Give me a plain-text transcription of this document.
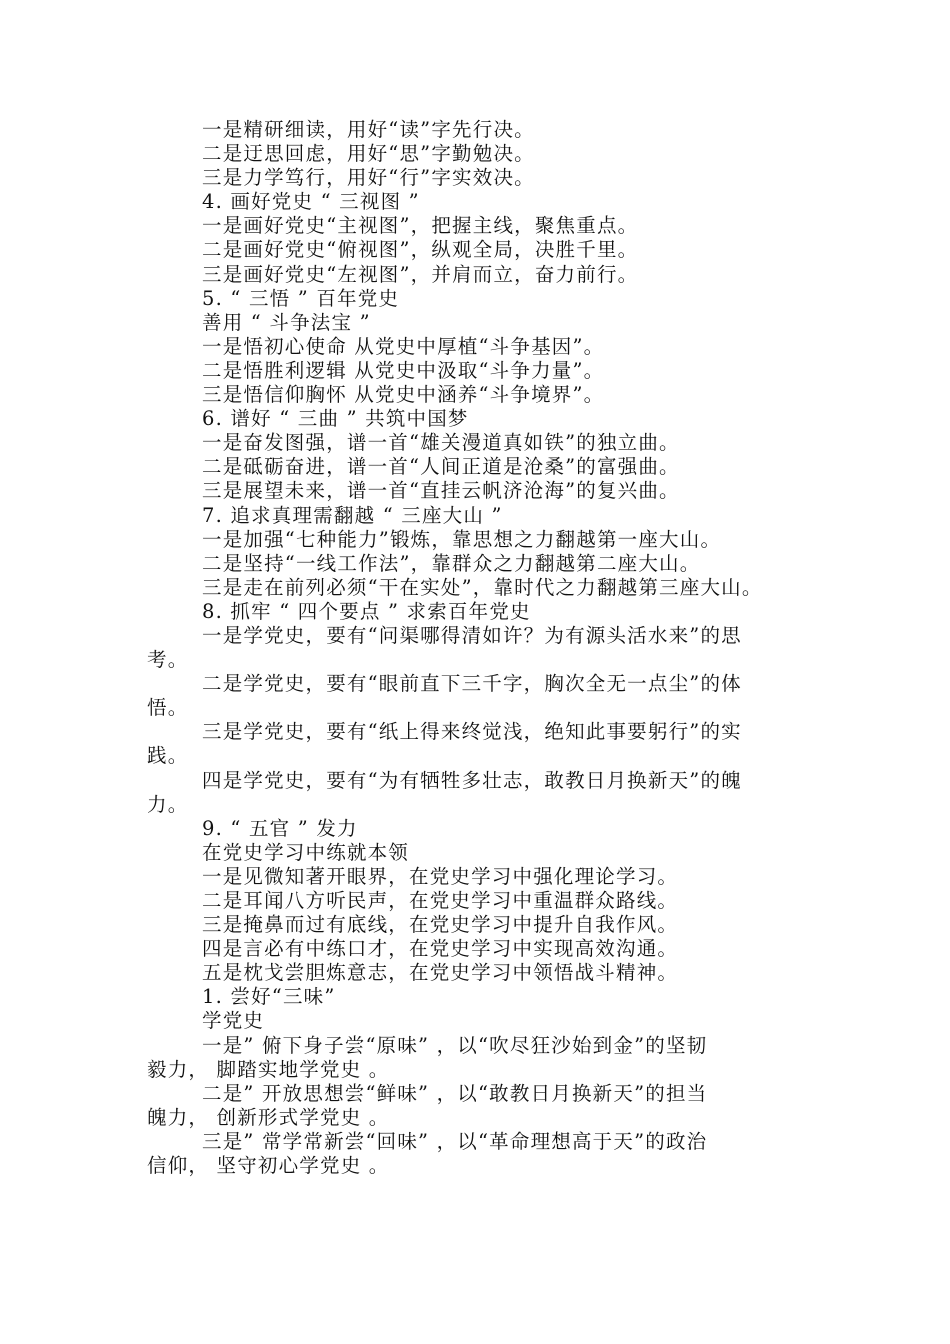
一是精研细读，用好“读”字先行决。
二是迂思回虑，用好“思”字勤勉决。
三是力学笃行，用好“行”字实效决。
4. 画好党史 “ 三视图 ”
一是画好党史“主视图”，把握主线，聚焦重点。
二是画好党史“俯视图”，纵观全局，决胜千里。
三是画好党史“左视图”，并肩而立，奋力前行。
5. “ 三悟 ” 百年党史
善用 “ 斗争法宝 ”
一是悟初心使命 从党史中厚植“斗争基因”。
二是悟胜利逻辑 从党史中汲取“斗争力量”。
三是悟信仰胸怀 从党史中涵养“斗争境界”。
6. 谱好 “ 三曲 ” 共筑中国梦
一是奋发图强，谱一首“雄关漫道真如铁”的独立曲。
二是砥砺奋进，谱一首“人间正道是沧桑”的富强曲。
三是展望未来，谱一首“直挂云帆济沧海”的复兴曲。
7. 追求真理需翻越 “ 三座大山 ”
一是加强“七种能力”锻炼，靠思想之力翻越第一座大山。
二是坚持“一线工作法”，靠群众之力翻越第二座大山。
三是走在前列必须“干在实处”，靠时代之力翻越第三座大山。
8. 抓牢 “ 四个要点 ” 求索百年党史
一是学党史，要有“问渠哪得清如许？为有源头活水来”的思
考。
二是学党史，要有“眼前直下三千字，胸次全无一点尘”的体
悟。
三是学党史，要有“纸上得来终觉浅，绝知此事要躬行”的实
践。
四是学党史，要有“为有牺牲多壮志，敢教日月换新天”的魄
力。
9. “ 五官 ” 发力
在党史学习中练就本领
一是见微知著开眼界，在党史学习中强化理论学习。
二是耳闻八方听民声，在党史学习中重温群众路线。
三是掩鼻而过有底线，在党史学习中提升自我作风。
四是言必有中练口才，在党史学习中实现高效沟通。
五是枕戈尝胆炼意志，在党史学习中领悟战斗精神。
1. 尝好“三味”
学党史
一是” 俯下身子尝“原味” ，以“吹尽狂沙始到金”的坚韧
毅力， 脚踏实地学党史 。
二是” 开放思想尝“鲜味” ，以“敢教日月换新天”的担当
魄力， 创新形式学党史 。
三是” 常学常新尝“回味” ，以“革命理想高于天”的政治
信仰， 坚守初心学党史 。
